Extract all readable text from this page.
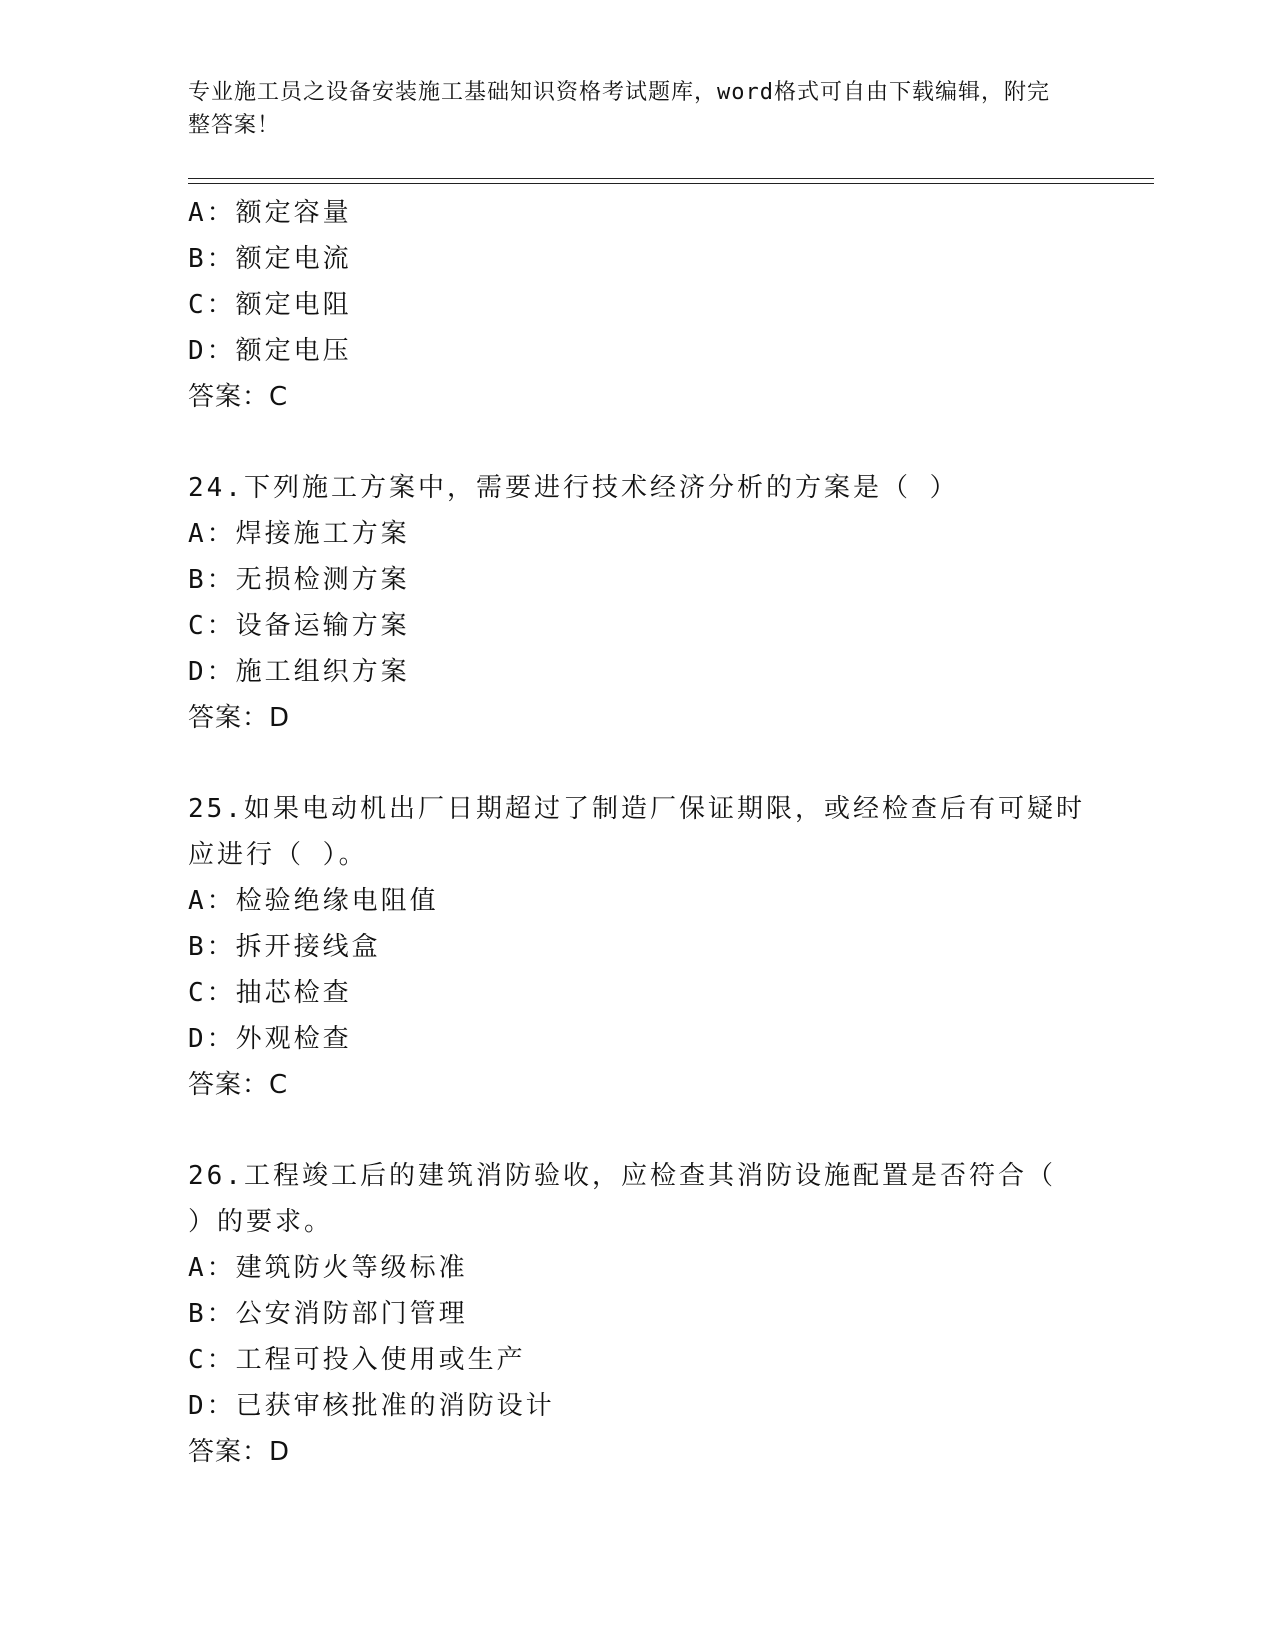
专业施工员之设备安装施工基础知识资格考试题库，word格式可自由下载编辑，附完整答案！
A：额定容量
B：额定电流
C：额定电阻
D：额定电压
答案：C
24.下列施工方案中，需要进行技术经济分析的方案是（ ）
A：焊接施工方案
B：无损检测方案
C：设备运输方案
D：施工组织方案
答案：D
25.如果电动机出厂日期超过了制造厂保证期限，或经检查后有可疑时应进行（ ）。
A：检验绝缘电阻值
B：拆开接线盒
C：抽芯检查
D：外观检查
答案：C
26.工程竣工后的建筑消防验收，应检查其消防设施配置是否符合（ ）的要求。
A：建筑防火等级标准
B：公安消防部门管理
C：工程可投入使用或生产
D：已获审核批准的消防设计
答案：D
